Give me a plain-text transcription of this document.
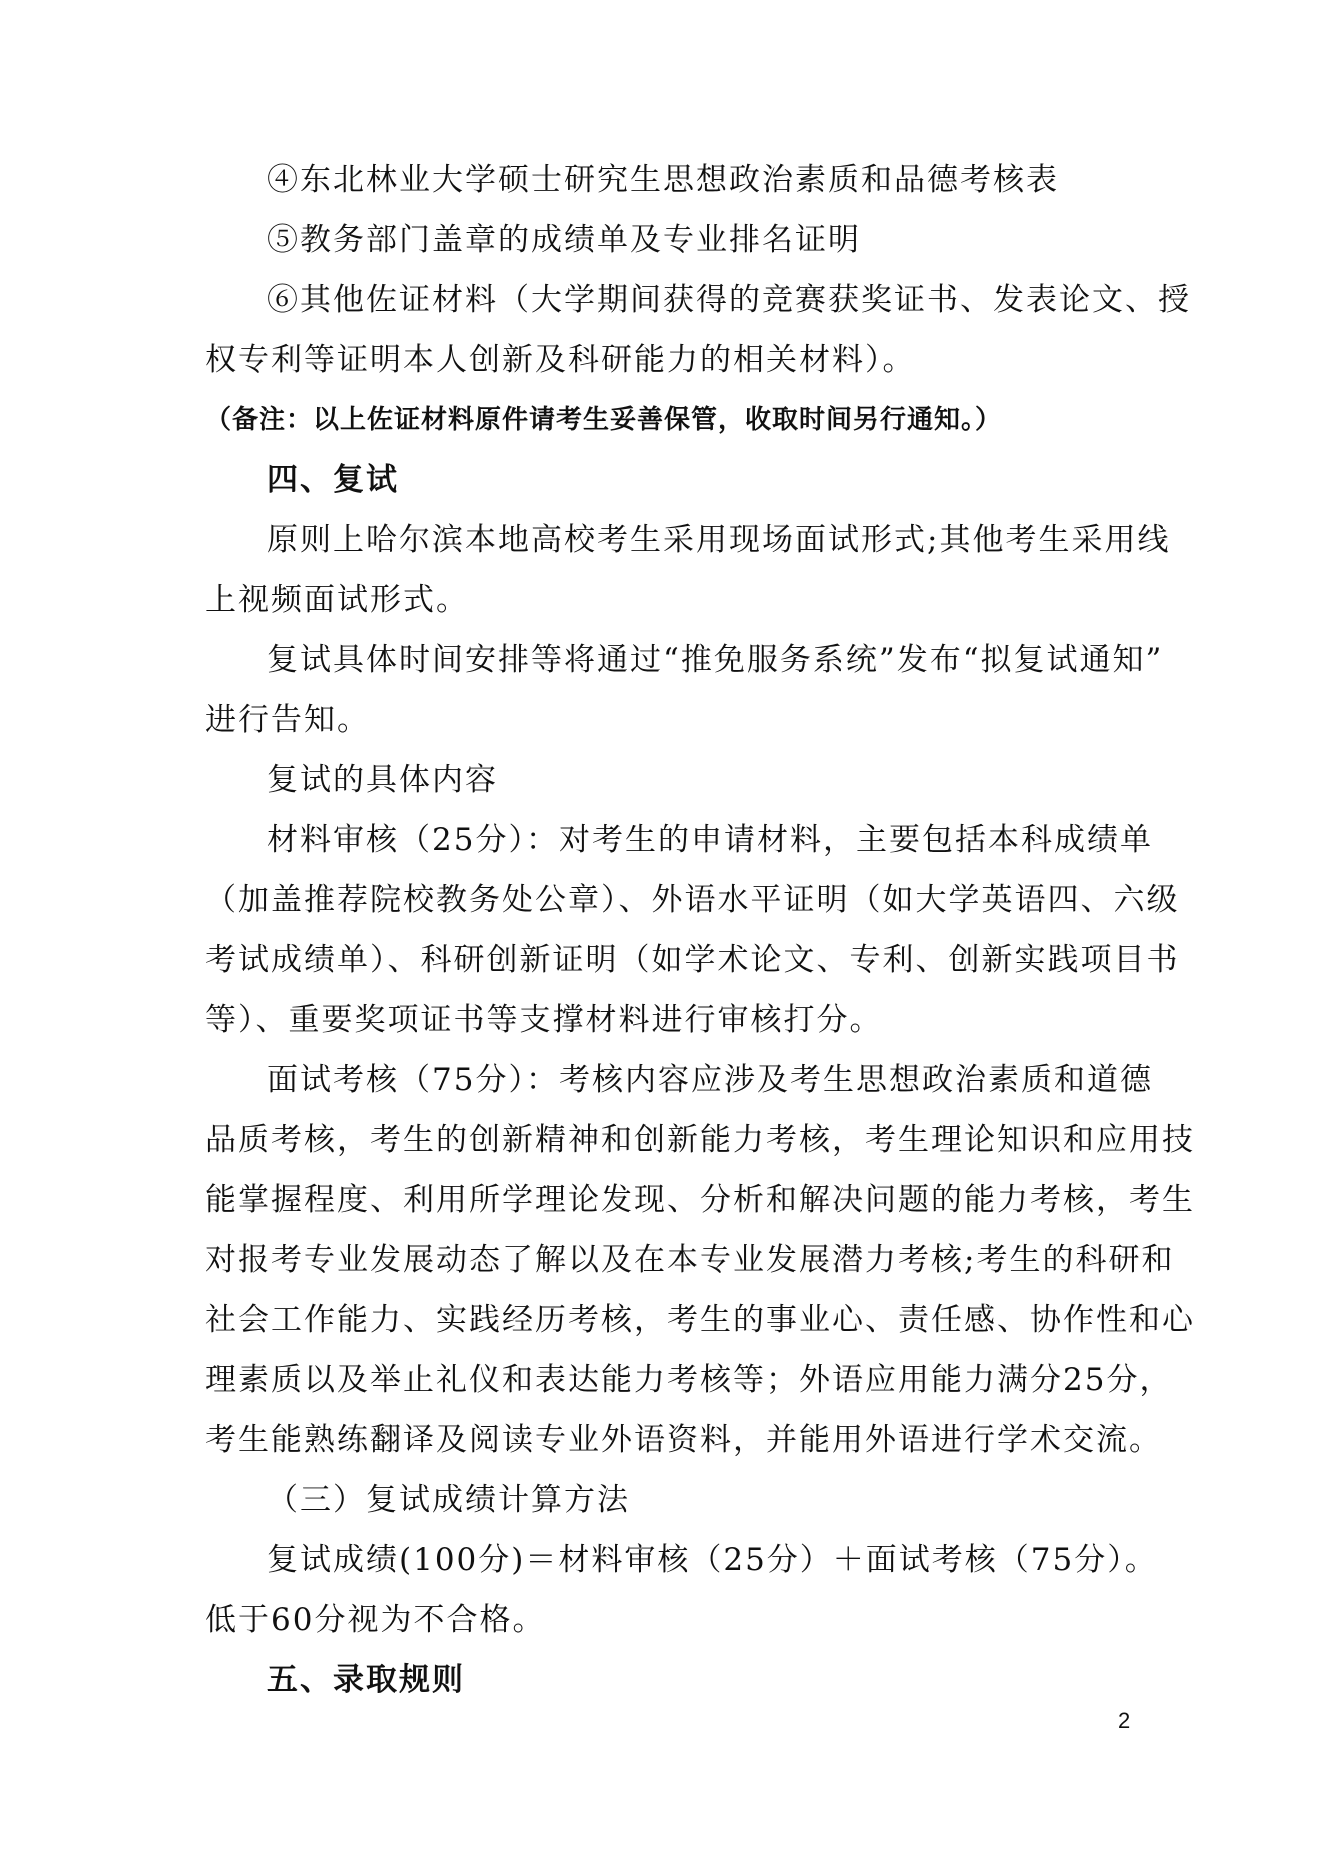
④东北林业大学硕士研究生思想政治素质和品德考核表

⑤教务部门盖章的成绩单及专业排名证明

⑥其他佐证材料（大学期间获得的竞赛获奖证书、发表论文、授

权专利等证明本人创新及科研能力的相关材料）。

（备注：以上佐证材料原件请考生妥善保管，收取时间另行通知。）

四、复试

原则上哈尔滨本地高校考生采用现场面试形式;其他考生采用线

上视频面试形式。

复试具体时间安排等将通过“推免服务系统”发布“拟复试通知”

进行告知。

复试的具体内容

材料审核（25分）：对考生的申请材料，主要包括本科成绩单

（加盖推荐院校教务处公章）、外语水平证明（如大学英语四、六级

考试成绩单）、科研创新证明（如学术论文、专利、创新实践项目书

等）、重要奖项证书等支撑材料进行审核打分。

面试考核（75分）：考核内容应涉及考生思想政治素质和道德

品质考核，考生的创新精神和创新能力考核，考生理论知识和应用技

能掌握程度、利用所学理论发现、分析和解决问题的能力考核，考生

对报考专业发展动态了解以及在本专业发展潜力考核;考生的科研和

社会工作能力、实践经历考核，考生的事业心、责任感、协作性和心

理素质以及举止礼仪和表达能力考核等；外语应用能力满分25分，

考生能熟练翻译及阅读专业外语资料，并能用外语进行学术交流。

（三）复试成绩计算方法

复试成绩(100分)＝材料审核（25分）＋面试考核（75分）。

低于60分视为不合格。

五、录取规则

2
